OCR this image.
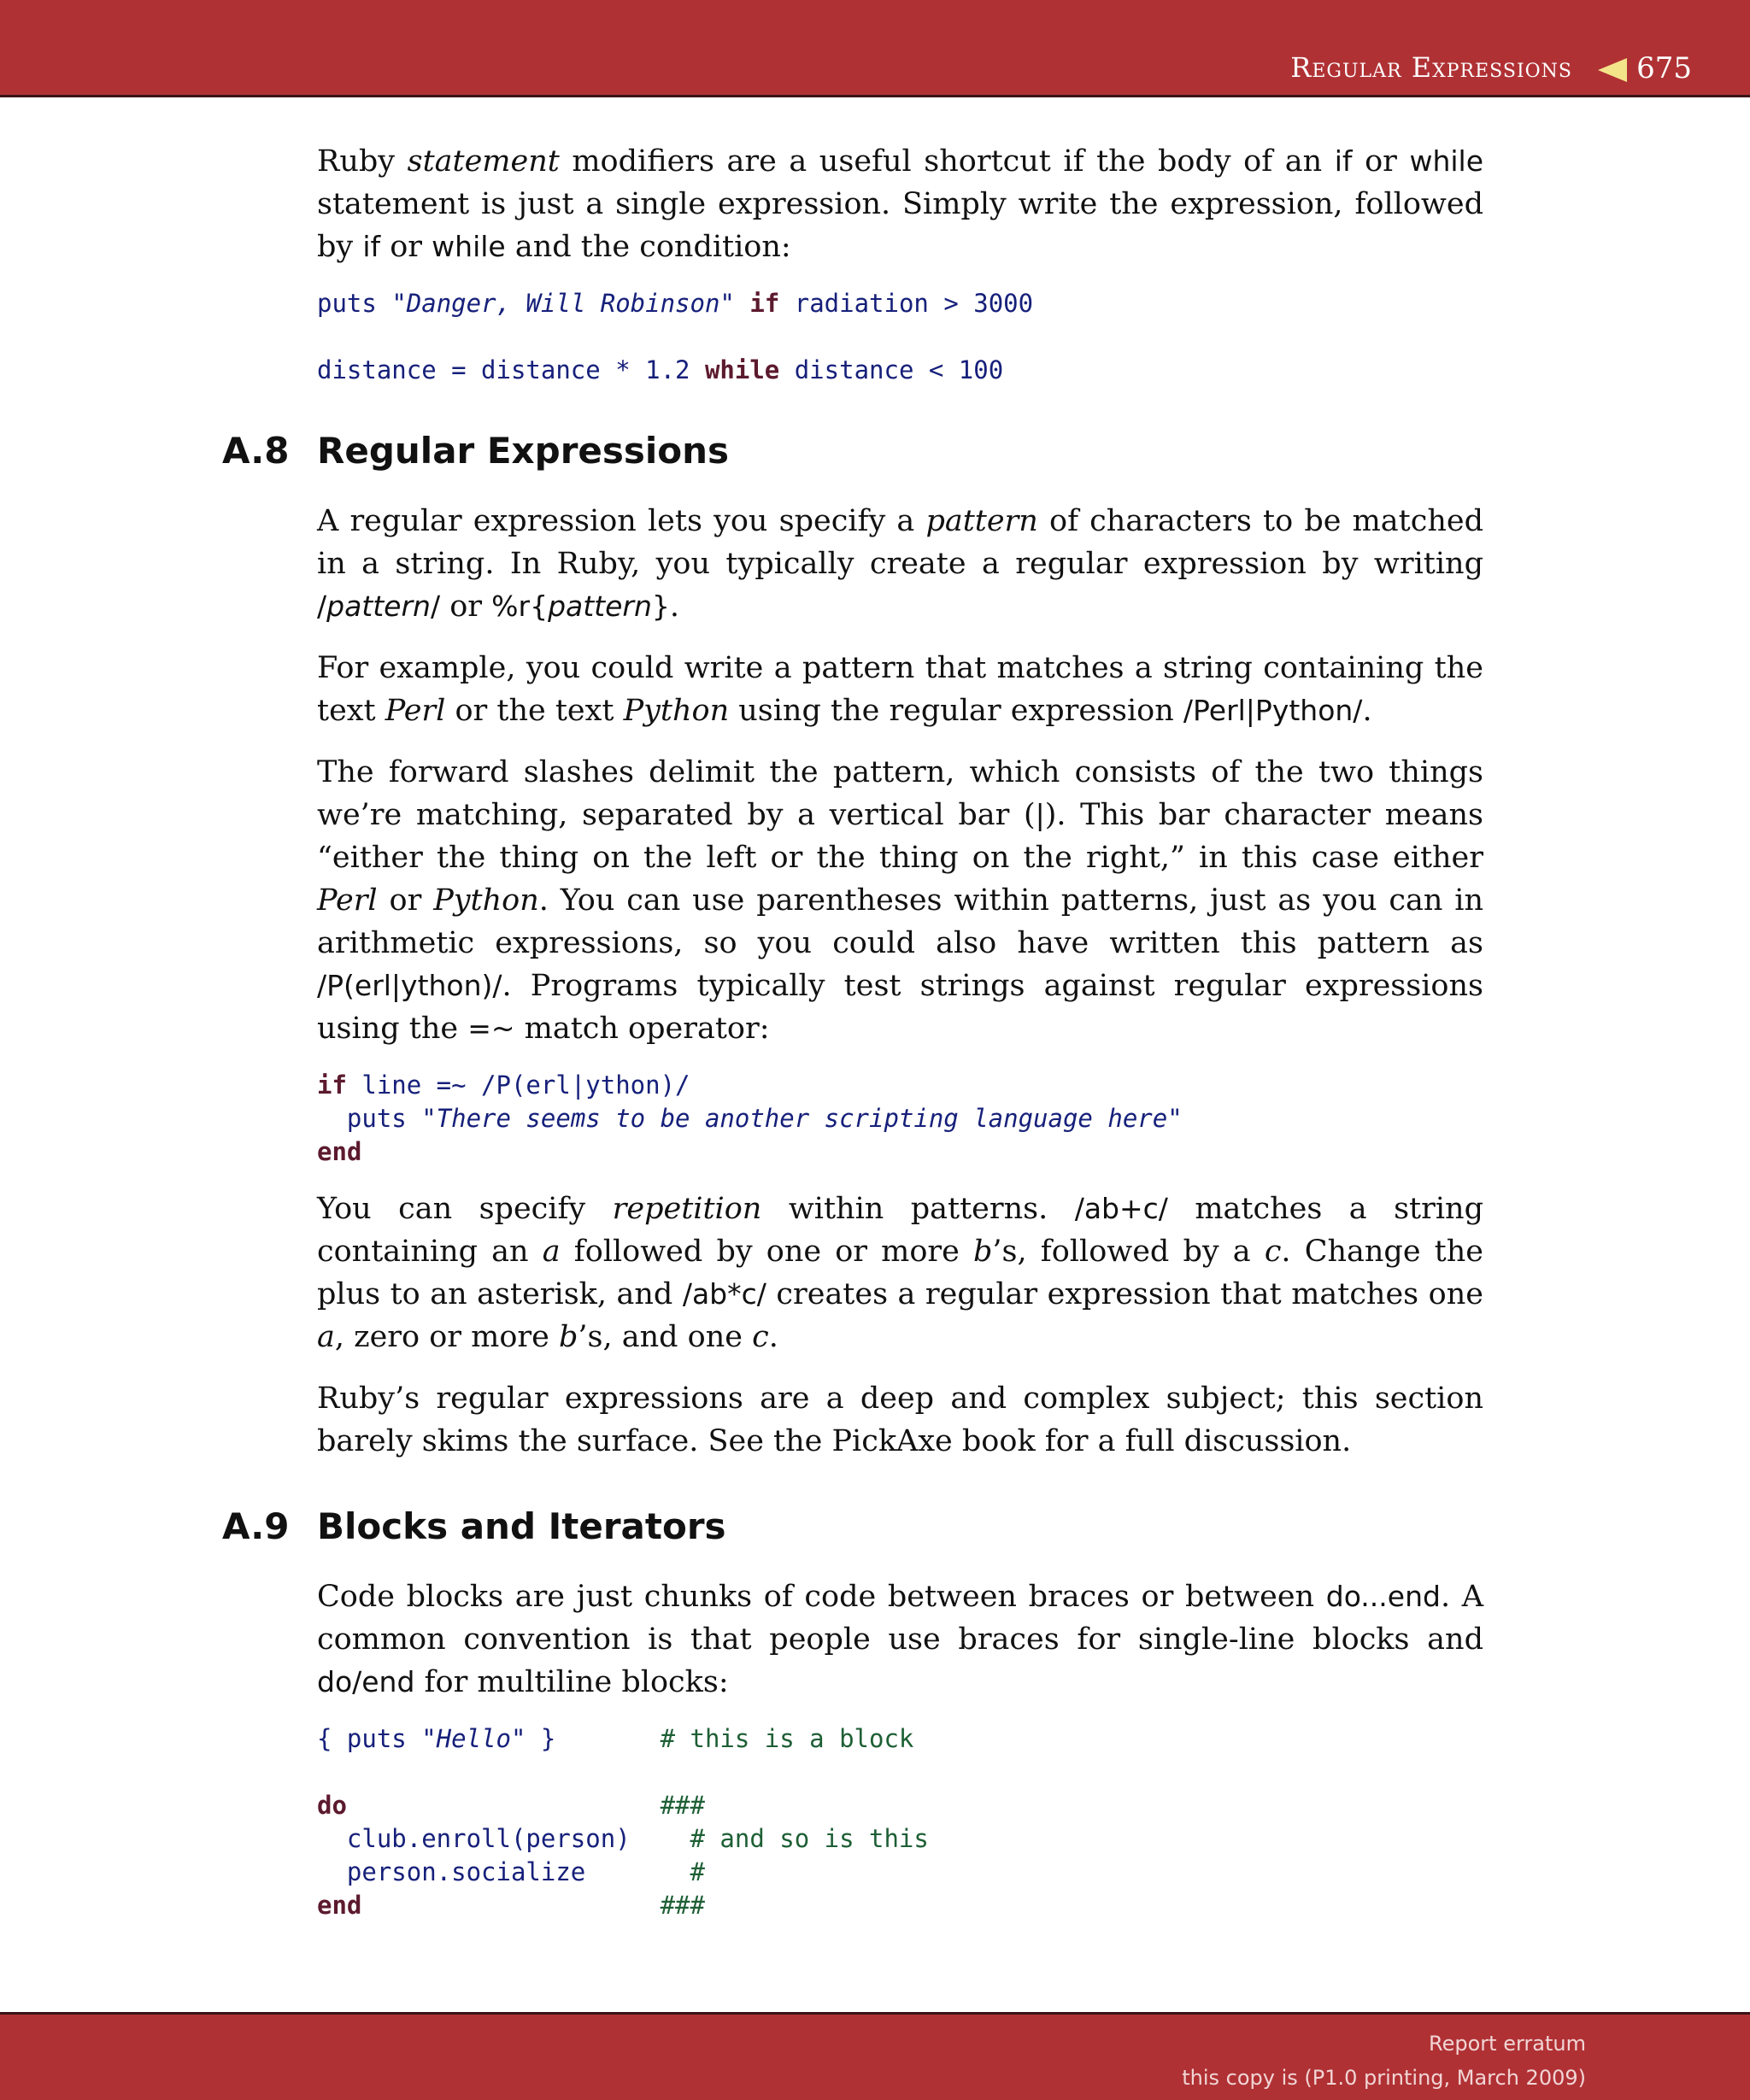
Regular Expressions 675

Ruby statement modifiers are a useful shortcut if the body of an if or while statement is just a single expression. Simply write the expression, followed by if or while and the condition:

puts "Danger, Will Robinson" if radiation > 3000

distance = distance * 1.2 while distance < 100
A.8 Regular Expressions

A regular expression lets you specify a pattern of characters to be matched in a string. In Ruby, you typically create a regular expression by writing /pattern/ or %r{pattern}.

For example, you could write a pattern that matches a string containing the text Perl or the text Python using the regular expression /Perl|Python/.

The forward slashes delimit the pattern, which consists of the two things we’re matching, separated by a vertical bar (|). This bar character means “either the thing on the left or the thing on the right,” in this case either Perl or Python. You can use parentheses within patterns, just as you can in arithmetic expressions, so you could also have written this pattern as /P(erl|ython)/. Programs typically test strings against regular expressions using the =~ match operator:

if line =~ /P(erl|ython)/
puts "There seems to be another scripting language here"
end

You can specify repetition within patterns. /ab+c/ matches a string containing an a followed by one or more b’s, followed by a c. Change the plus to an asterisk, and /ab*c/ creates a regular expression that matches one a, zero or more b’s, and one c.

Ruby’s regular expressions are a deep and complex subject; this section barely skims the surface. See the PickAxe book for a full discussion.

A.9 Blocks and Iterators

Code blocks are just chunks of code between braces or between do...end. A common convention is that people use braces for single-line blocks and do/end for multiline blocks:

{ puts "Hello" }       # this is a block

do	###
club.enroll(person)    # and so is this
person.socialize       #
end	###
Report erratum
this copy is (P1.0 printing, March 2009)
